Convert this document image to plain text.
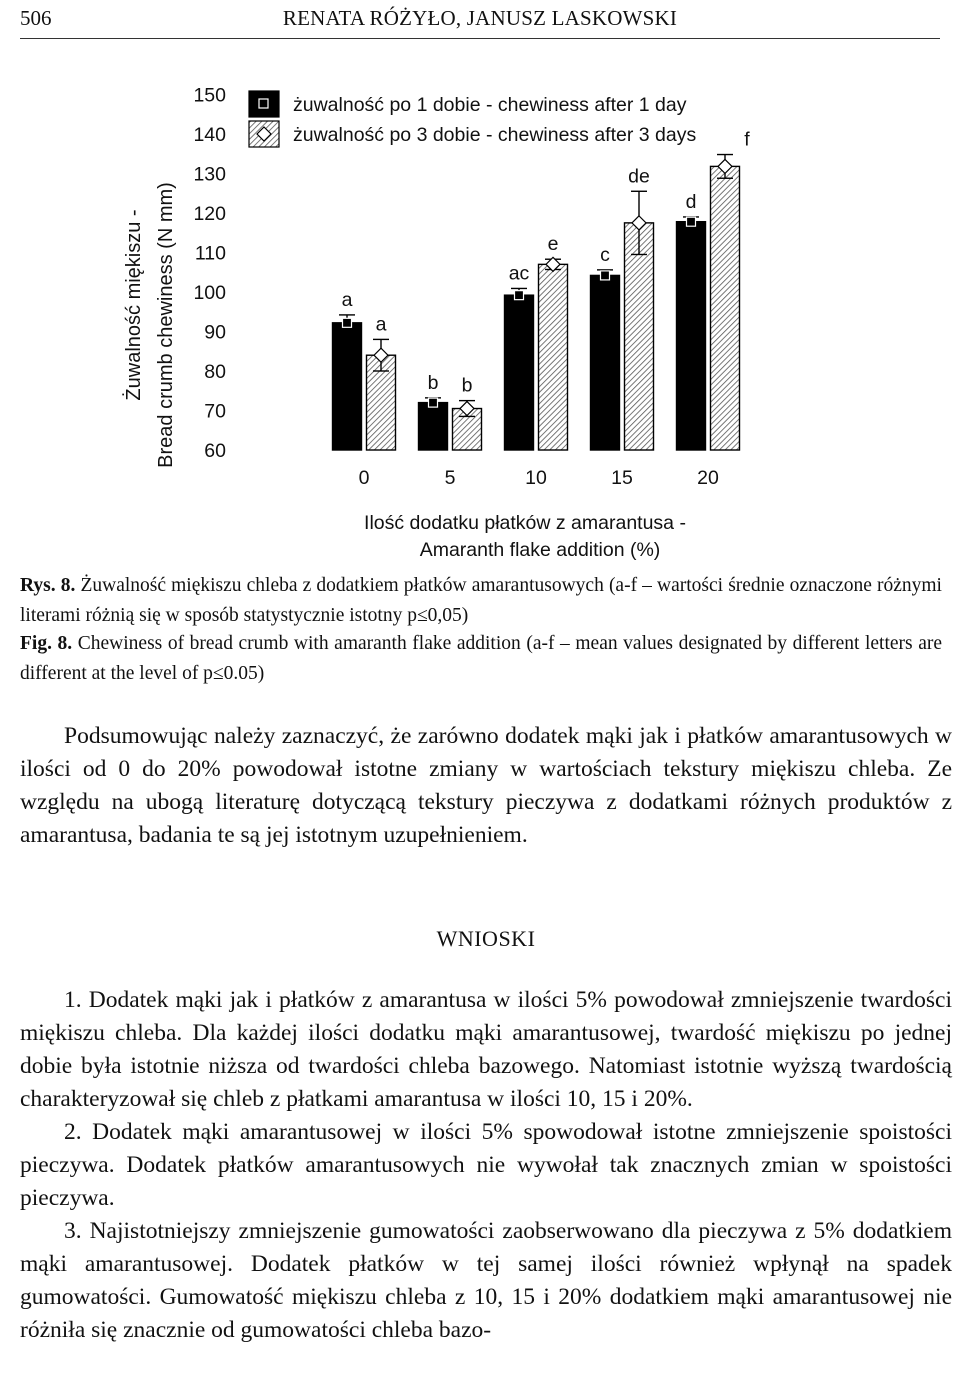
506	RENATA RÓŻYŁO, JANUSZ LASKOWSKI
Żuwalność miękiszu - Bread crumb chewiness (N mm) 60
70
80
90
100
110
120
130
140
150
a
a
b b
ac
e c
de
d
f
0	5	10	15	20
żuwalność po 1 dobie - chewiness after 1 day
żuwalność po 3 dobie - chewiness after 3 days
Ilość dodatku płatków z amarantusa -
Amaranth flake addition (%)
Rys. 8. Żuwalność miękiszu chleba z dodatkiem płatków amarantusowych (a-f – wartości średnie oznaczone różnymi literami różnią się w sposób statystycznie istotny p≤0,05)
Fig. 8. Chewiness of bread crumb with amaranth flake addition (a-f – mean values designated by different letters are different at the level of p≤0.05)

Podsumowując należy zaznaczyć, że zarówno dodatek mąki jak i płatków amarantusowych w ilości od 0 do 20% powodował istotne zmiany w wartościach tekstury miękiszu chleba. Ze względu na ubogą literaturę dotyczącą tekstury pieczywa z dodatkami różnych produktów z amarantusa, badania te są jej istotnym uzupełnieniem.

WNIOSKI

1. Dodatek mąki jak i płatków z amarantusa w ilości 5% powodował zmniejszenie twardości miękiszu chleba. Dla każdej ilości dodatku mąki amarantusowej, twardość miękiszu po jednej dobie była istotnie niższa od twardości chleba bazowego. Natomiast istotnie wyższą twardością charakteryzował się chleb z płatkami amarantusa w ilości 10, 15 i 20%.

2. Dodatek mąki amarantusowej w ilości 5% spowodował istotne zmniejszenie spoistości pieczywa. Dodatek płatków amarantusowych nie wywołał tak znacznych zmian w spoistości pieczywa.

3. Najistotniejszy zmniejszenie gumowatości zaobserwowano dla pieczywa z 5% dodatkiem mąki amarantusowej. Dodatek płatków w tej samej ilości również wpłynął na spadek gumowatości. Gumowatość miękiszu chleba z 10, 15 i 20% dodatkiem mąki amarantusowej nie różniła się znacznie od gumowatości chleba bazo-
